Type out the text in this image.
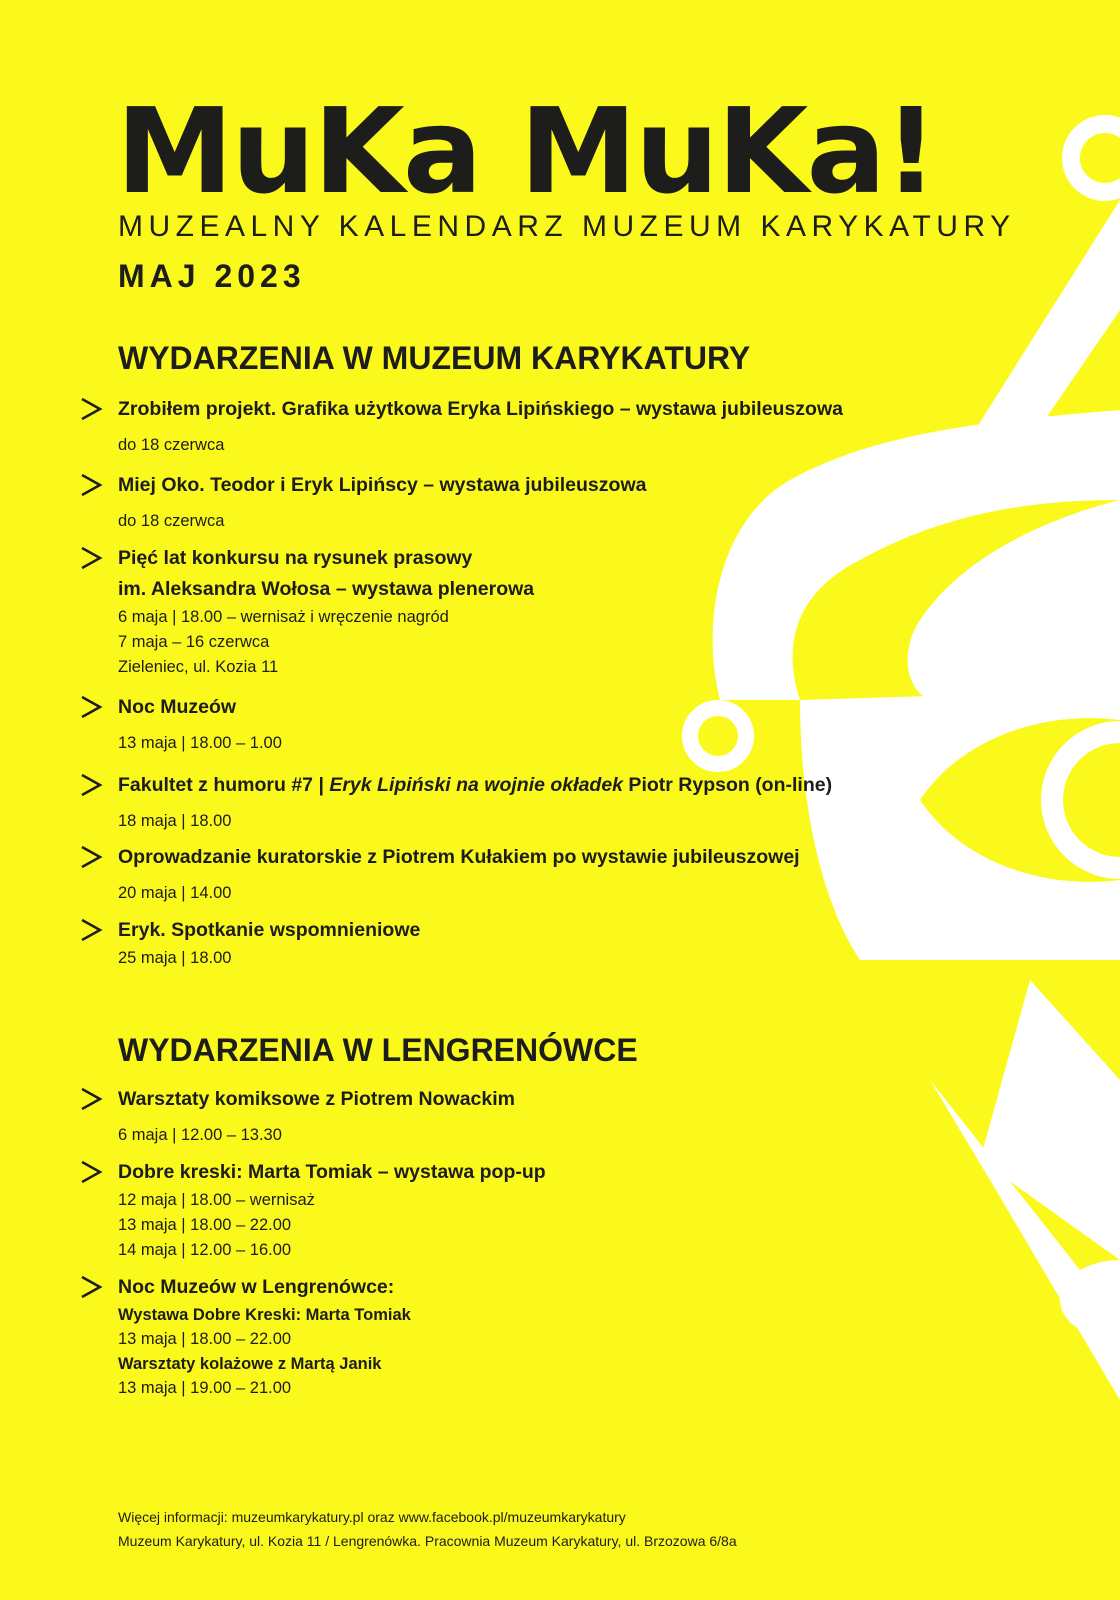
MuKa MuKa!
MUZEALNY KALENDARZ MUZEUM KARYKATURY
MAJ 2023
WYDARZENIA W MUZEUM KARYKATURY
Zrobiłem projekt. Grafika użytkowa Eryka Lipińskiego – wystawa jubileuszowa
do 18 czerwca
Miej Oko. Teodor i Eryk Lipińscy – wystawa jubileuszowa
do 18 czerwca
Pięć lat konkursu na rysunek prasowy
im. Aleksandra Wołosa – wystawa plenerowa
6 maja | 18.00 – wernisaż i wręczenie nagród
7 maja – 16 czerwca
Zieleniec, ul. Kozia 11
Noc Muzeów
13 maja | 18.00 – 1.00
Fakultet z humoru #7 | Eryk Lipiński na wojnie okładek Piotr Rypson (on-line)
18 maja | 18.00
Oprowadzanie kuratorskie z Piotrem Kułakiem po wystawie jubileuszowej
20 maja | 14.00
Eryk. Spotkanie wspomnieniowe
25 maja | 18.00
WYDARZENIA W LENGRENÓWCE
Warsztaty komiksowe z Piotrem Nowackim
6 maja | 12.00 – 13.30
Dobre kreski: Marta Tomiak – wystawa pop-up
12 maja | 18.00 – wernisaż
13 maja | 18.00 – 22.00
14 maja | 12.00 – 16.00
Noc Muzeów w Lengrenówce:
Wystawa Dobre Kreski: Marta Tomiak
13 maja | 18.00 – 22.00
Warsztaty kolażowe z Martą Janik
13 maja | 19.00 – 21.00
Więcej informacji: muzeumkarykatury.pl oraz www.facebook.pl/muzeumkarykatury
Muzeum Karykatury, ul. Kozia 11 / Lengrenówka. Pracownia Muzeum Karykatury, ul. Brzozowa 6/8a
